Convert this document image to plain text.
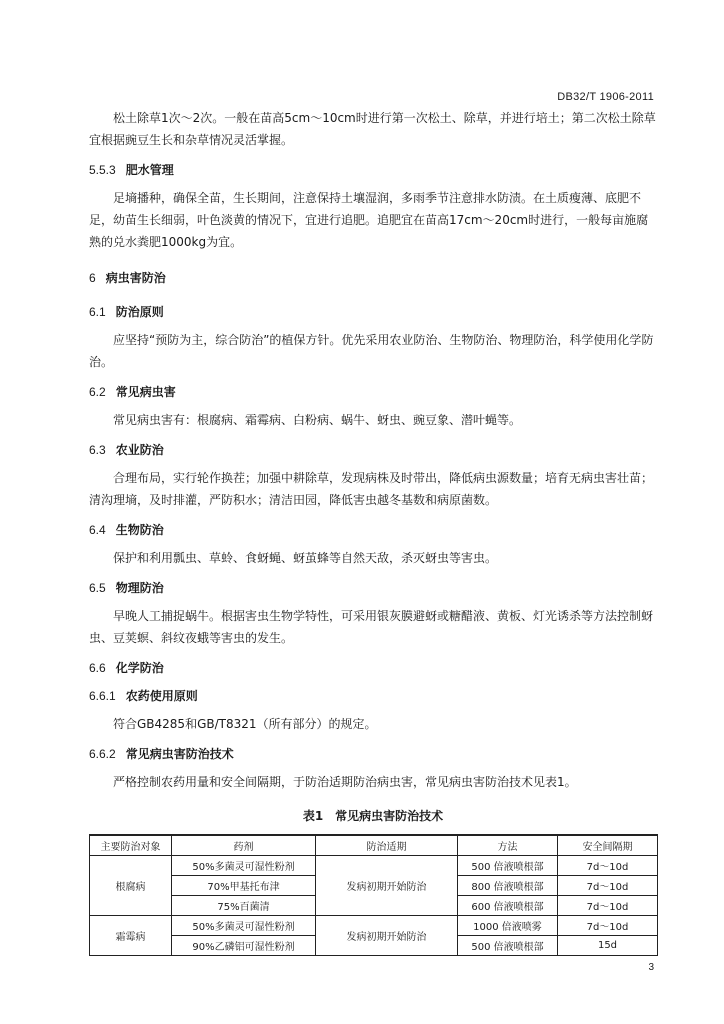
DB32/T 1906-2011

松土除草1次～2次。一般在苗高5cm～10cm时进行第一次松土、除草，并进行培土；第二次松土除草宜根据豌豆生长和杂草情况灵活掌握。

5.5.3 肥水管理

足墒播种，确保全苗，生长期间，注意保持土壤湿润，多雨季节注意排水防渍。在土质瘦薄、底肥不足，幼苗生长细弱，叶色淡黄的情况下，宜进行追肥。追肥宜在苗高17cm～20cm时进行，一般每亩施腐熟的兑水粪肥1000kg为宜。

6 病虫害防治
6.1 防治原则

应坚持“预防为主，综合防治”的植保方针。优先采用农业防治、生物防治、物理防治，科学使用化学防治。

6.2 常见病虫害

常见病虫害有：根腐病、霜霉病、白粉病、蜗牛、蚜虫、豌豆象、潜叶蝇等。

6.3 农业防治

合理布局，实行轮作换茬；加强中耕除草，发现病株及时带出，降低病虫源数量；培育无病虫害壮苗；清沟理墒，及时排灌，严防积水；清洁田园，降低害虫越冬基数和病原菌数。

6.4 生物防治

保护和利用瓢虫、草蛉、食蚜蝇、蚜茧蜂等自然天敌，杀灭蚜虫等害虫。

6.5 物理防治

早晚人工捕捉蜗牛。根据害虫生物学特性，可采用银灰膜避蚜或糖醋液、黄板、灯光诱杀等方法控制蚜虫、豆荚螟、斜纹夜蛾等害虫的发生。

6.6 化学防治
6.6.1 农药使用原则

符合GB4285和GB/T8321（所有部分）的规定。

6.6.2 常见病虫害防治技术

严格控制农药用量和安全间隔期，于防治适期防治病虫害，常见病虫害防治技术见表1。

表1　常见病虫害防治技术

主要防治对象	药剂	防治适期	方法	安全间隔期
根腐病	50%多菌灵可湿性粉剂	发病初期开始防治	500 倍液喷根部	7d～10d
	70%甲基托布津		800 倍液喷根部	7d～10d
	75%百菌清		600 倍液喷根部	7d～10d
霜霉病	50%多菌灵可湿性粉剂	发病初期开始防治	1000 倍液喷雾	7d～10d
	90%乙磷铝可湿性粉剂		500 倍液喷根部	15d
3
